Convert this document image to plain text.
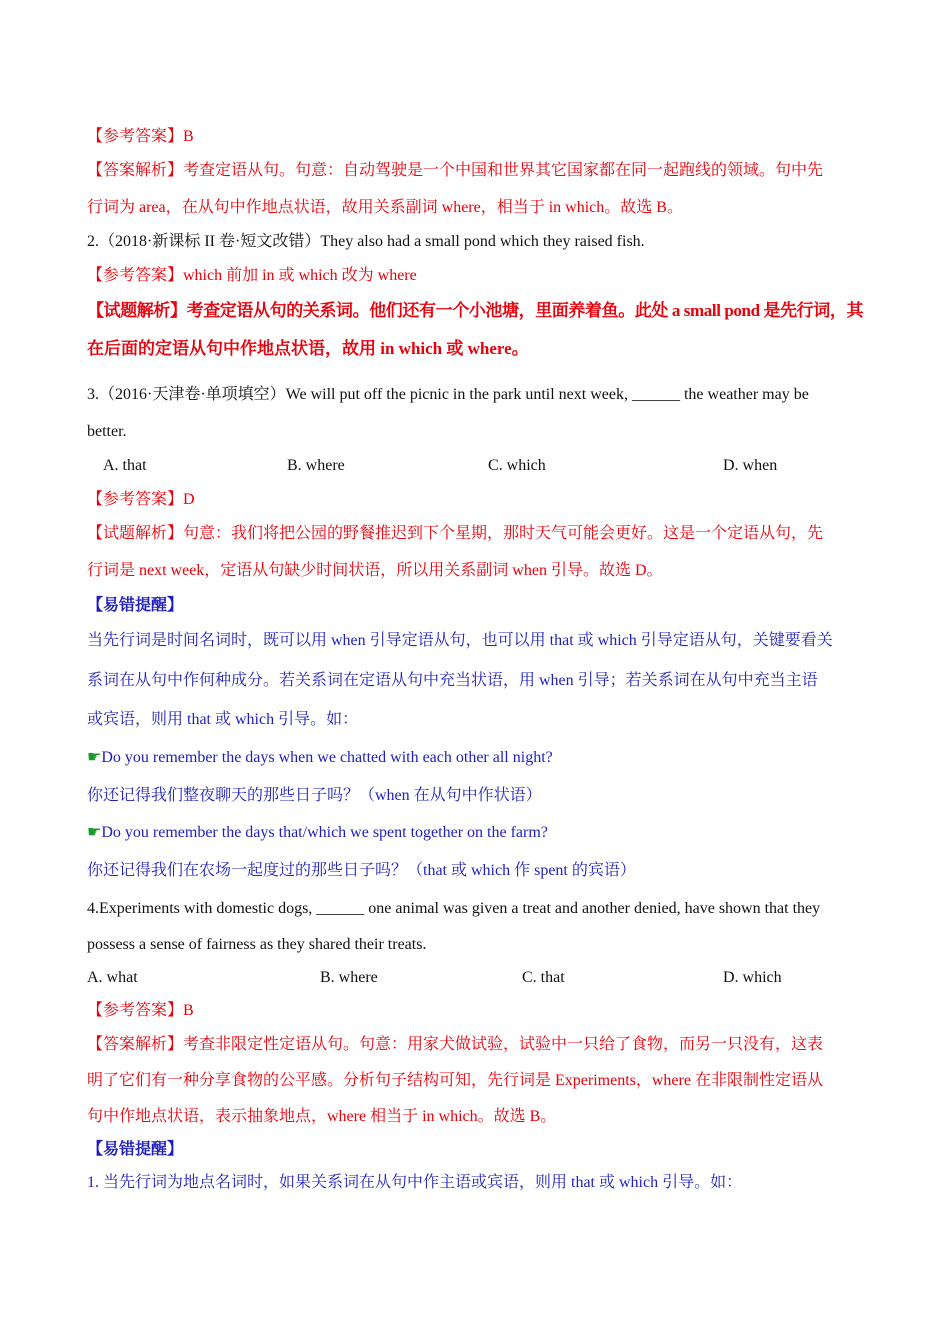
【参考答案】B
【答案解析】考查定语从句。句意：自动驾驶是一个中国和世界其它国家都在同一起跑线的领域。句中先
行词为 area，在从句中作地点状语，故用关系副词 where，相当于 in which。故选 B。
2.（2018·新课标 II 卷·短文改错）They also had a small pond which they raised fish.
【参考答案】which 前加 in 或 which 改为 where
【试题解析】考查定语从句的关系词。他们还有一个小池塘，里面养着鱼。此处 a small pond 是先行词，其
在后面的定语从句中作地点状语，故用 in which 或 where。
3.（2016·天津卷·单项填空）We will put off the picnic in the park until next week, ______ the weather may be
better.
A. that	B. where	C. which	D. when
【参考答案】D
【试题解析】句意：我们将把公园的野餐推迟到下个星期，那时天气可能会更好。这是一个定语从句，先
行词是 next week，定语从句缺少时间状语，所以用关系副词 when 引导。故选 D。
【易错提醒】
当先行词是时间名词时，既可以用 when 引导定语从句，也可以用 that 或 which 引导定语从句，关键要看关
系词在从句中作何种成分。若关系词在定语从句中充当状语，用 when 引导；若关系词在从句中充当主语
或宾语，则用 that 或 which 引导。如：
☛Do you remember the days when we chatted with each other all night?
你还记得我们整夜聊天的那些日子吗？（when 在从句中作状语）
☛Do you remember the days that/which we spent together on the farm?
你还记得我们在农场一起度过的那些日子吗？（that 或 which 作 spent 的宾语）
4.Experiments with domestic dogs, ______ one animal was given a treat and another denied, have shown that they
possess a sense of fairness as they shared their treats.
A. what	B. where	C. that	D. which
【参考答案】B
【答案解析】考查非限定性定语从句。句意：用家犬做试验，试验中一只给了食物，而另一只没有，这表
明了它们有一种分享食物的公平感。分析句子结构可知，先行词是 Experiments，where 在非限制性定语从
句中作地点状语，表示抽象地点，where 相当于 in which。故选 B。
【易错提醒】
1. 当先行词为地点名词时，如果关系词在从句中作主语或宾语，则用 that 或 which 引导。如：
